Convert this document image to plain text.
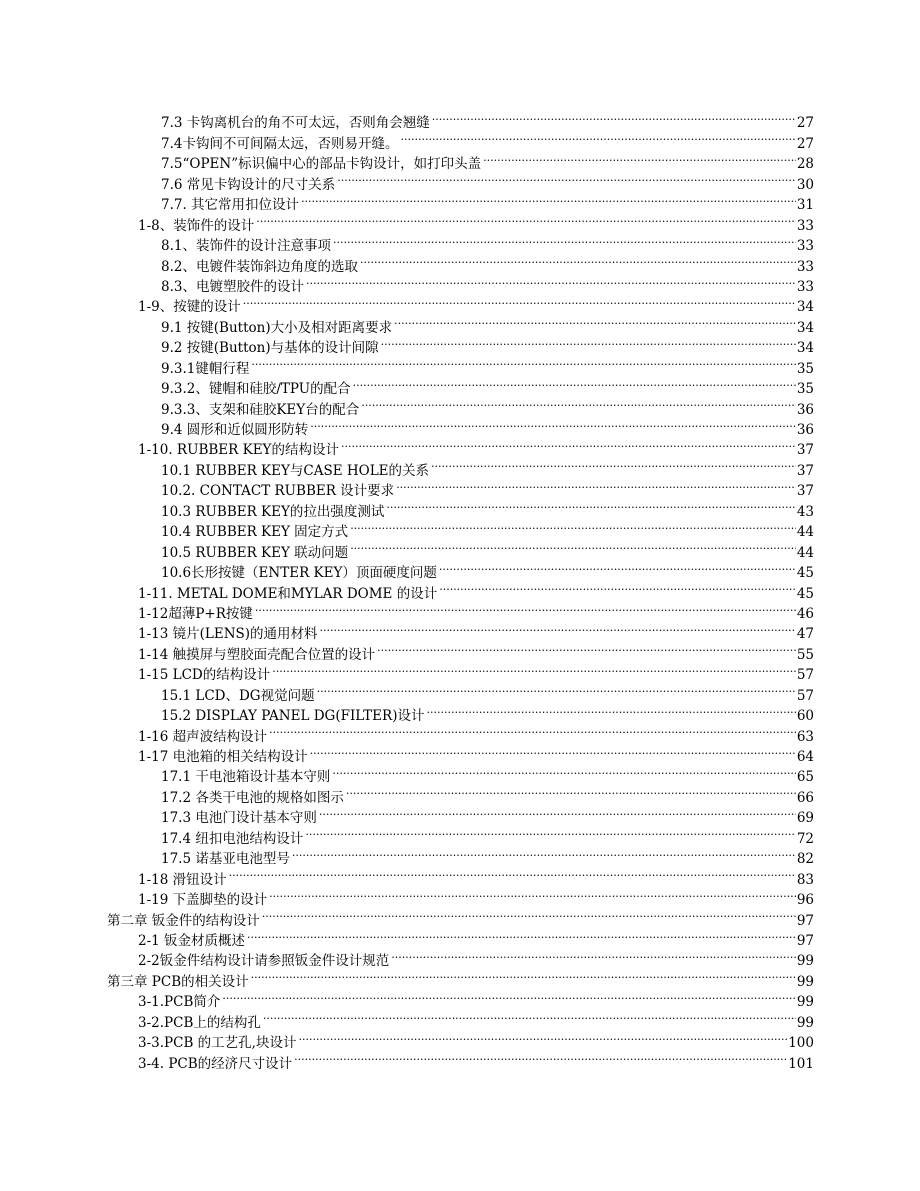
7.3 卡钩离机台的角不可太远，否则角会翘缝 .....	27
7.4卡钩间不可间隔太远，否则易开缝。 .....	27
7.5“OPEN”标识偏中心的部品卡钩设计，如打印头盖 .....	28
7.6 常见卡钩设计的尺寸关系 .....	30
7.7. 其它常用扣位设计 .....	31
1-8、装饰件的设计 .....	33
8.1、装饰件的设计注意事项 .....	33
8.2、电镀件装饰斜边角度的选取 .....	33
8.3、电镀塑胶件的设计 .....	33
1-9、按键的设计 .....	34
9.1 按键(Button)大小及相对距离要求 .....	34
9.2 按键(Button)与基体的设计间隙 .....	34
9.3.1键帽行程 .....	35
9.3.2、键帽和硅胶/TPU的配合 .....	35
9.3.3、支架和硅胶KEY台的配合 .....	36
9.4 圆形和近似圆形防转 .....	36
1-10. RUBBER KEY的结构设计 .....	37
10.1 RUBBER KEY与CASE HOLE的关系 .....	37
10.2. CONTACT RUBBER 设计要求 .....	37
10.3 RUBBER KEY的拉出强度测试 .....	43
10.4 RUBBER KEY 固定方式 .....	44
10.5 RUBBER KEY 联动问题 .....	44
10.6长形按键（ENTER KEY）顶面硬度问题 .....	45
1-11. METAL DOME和MYLAR DOME 的设计 .....	45
1-12超薄P+R按键 .....	46
1-13 镜片(LENS)的通用材料 .....	47
1-14 触摸屏与塑胶面壳配合位置的设计 .....	55
1-15 LCD的结构设计 .....	57
15.1 LCD、DG视觉问题 .....	57
15.2 DISPLAY PANEL DG(FILTER)设计 .....	60
1-16 超声波结构设计 .....	63
1-17 电池箱的相关结构设计 .....	64
17.1 干电池箱设计基本守则 .....	65
17.2 各类干电池的规格如图示 .....	66
17.3 电池门设计基本守则 .....	69
17.4 纽扣电池结构设计 .....	72
17.5 诺基亚电池型号 .....	82
1-18 滑钮设计 .....	83
1-19 下盖脚垫的设计 .....	96
第二章 钣金件的结构设计 .....	97
2-1 钣金材质概述 .....	97
2-2钣金件结构设计请参照钣金件设计规范 .....	99
第三章 PCB的相关设计 .....	99
3-1.PCB简介 .....	99
3-2.PCB上的结构孔 .....	99
3-3.PCB 的工艺孔,块设计 .....	100
3-4. PCB的经济尺寸设计 .....	101
